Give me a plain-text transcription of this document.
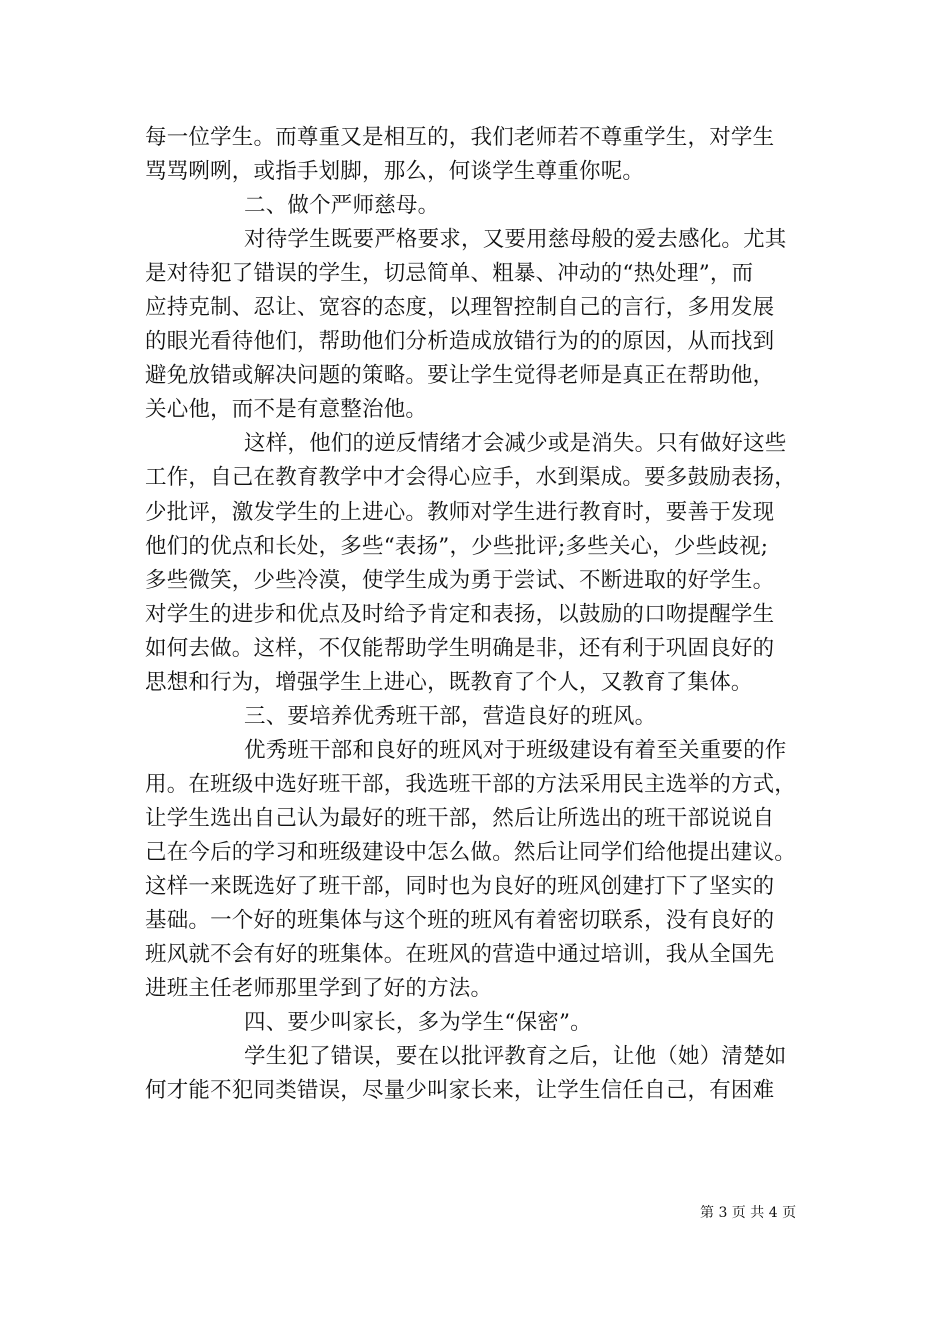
每一位学生。而尊重又是相互的，我们老师若不尊重学生，对学生
骂骂咧咧，或指手划脚，那么，何谈学生尊重你呢。
二、做个严师慈母。
对待学生既要严格要求，又要用慈母般的爱去感化。尤其
是对待犯了错误的学生，切忌简单、粗暴、冲动的“热处理”，而
应持克制、忍让、宽容的态度，以理智控制自己的言行，多用发展
的眼光看待他们，帮助他们分析造成放错行为的的原因，从而找到
避免放错或解决问题的策略。要让学生觉得老师是真正在帮助他，
关心他，而不是有意整治他。
这样，他们的逆反情绪才会减少或是消失。只有做好这些
工作，自己在教育教学中才会得心应手，水到渠成。要多鼓励表扬，
少批评，激发学生的上进心。教师对学生进行教育时，要善于发现
他们的优点和长处，多些“表扬”，少些批评;多些关心，少些歧视;
多些微笑，少些冷漠，使学生成为勇于尝试、不断进取的好学生。
对学生的进步和优点及时给予肯定和表扬，以鼓励的口吻提醒学生
如何去做。这样，不仅能帮助学生明确是非，还有利于巩固良好的
思想和行为，增强学生上进心，既教育了个人，又教育了集体。
三、要培养优秀班干部，营造良好的班风。
优秀班干部和良好的班风对于班级建设有着至关重要的作
用。在班级中选好班干部，我选班干部的方法采用民主选举的方式，
让学生选出自己认为最好的班干部，然后让所选出的班干部说说自
己在今后的学习和班级建设中怎么做。然后让同学们给他提出建议。
这样一来既选好了班干部，同时也为良好的班风创建打下了坚实的
基础。一个好的班集体与这个班的班风有着密切联系，没有良好的
班风就不会有好的班集体。在班风的营造中通过培训，我从全国先
进班主任老师那里学到了好的方法。
四、要少叫家长，多为学生“保密”。
学生犯了错误，要在以批评教育之后，让他（她）清楚如
何才能不犯同类错误，尽量少叫家长来，让学生信任自己，有困难
第 3 页 共 4 页
